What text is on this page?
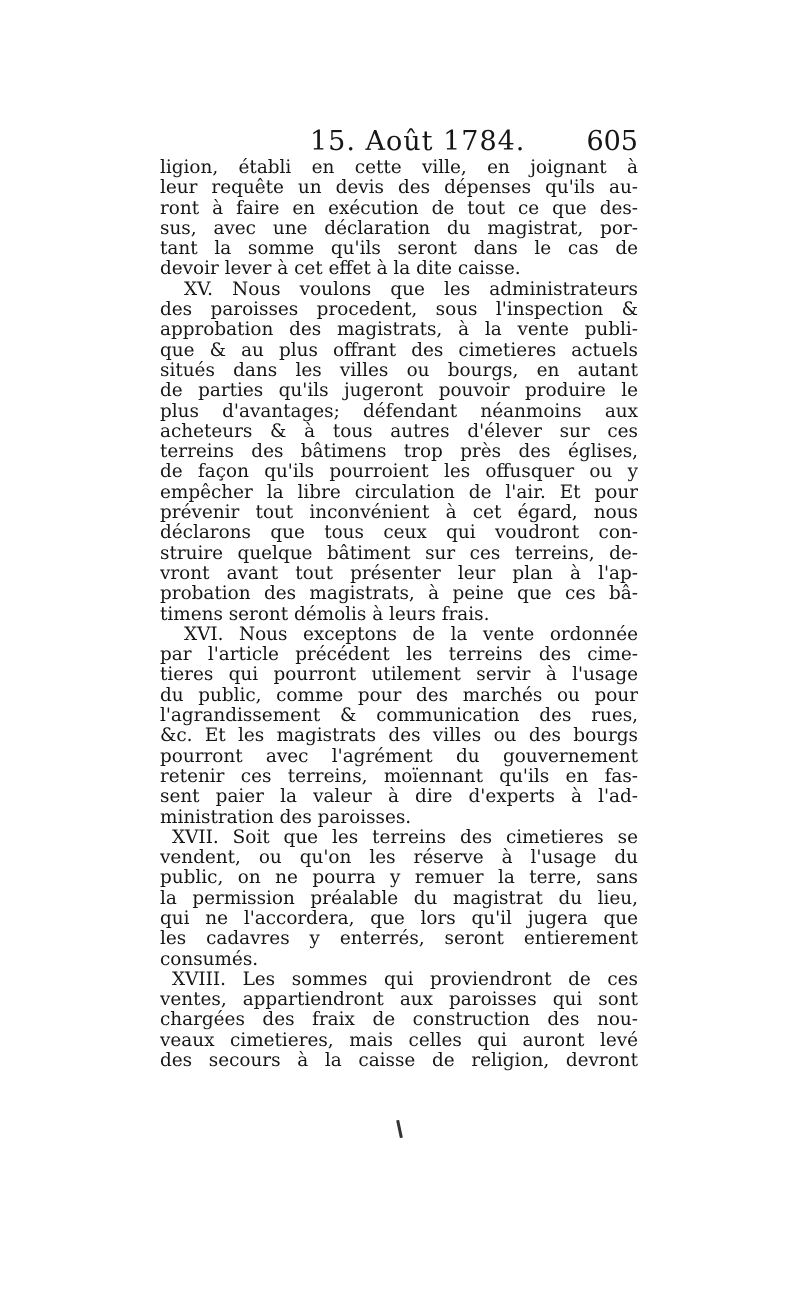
15. Août 1784. 605
ligion, établi en cette ville, en joignant à
leur requête un devis des dépenses qu'ils au-
ront à faire en exécution de tout ce que des-
sus, avec une déclaration du magistrat, por-
tant la somme qu'ils seront dans le cas de
devoir lever à cet effet à la dite caisse.
XV. Nous voulons que les administrateurs
des paroisses procedent, sous l'inspection &
approbation des magistrats, à la vente publi-
que & au plus offrant des cimetieres actuels
situés dans les villes ou bourgs, en autant
de parties qu'ils jugeront pouvoir produire le
plus d'avantages; défendant néanmoins aux
acheteurs & à tous autres d'élever sur ces
terreins des bâtimens trop près des églises,
de façon qu'ils pourroient les offusquer ou y
empêcher la libre circulation de l'air. Et pour
prévenir tout inconvénient à cet égard, nous
déclarons que tous ceux qui voudront con-
struire quelque bâtiment sur ces terreins, de-
vront avant tout présenter leur plan à l'ap-
probation des magistrats, à peine que ces bâ-
timens seront démolis à leurs frais.
XVI. Nous exceptons de la vente ordonnée
par l'article précédent les terreins des cime-
tieres qui pourront utilement servir à l'usage
du public, comme pour des marchés ou pour
l'agrandissement & communication des rues,
&c. Et les magistrats des villes ou des bourgs
pourront avec l'agrément du gouvernement
retenir ces terreins, moïennant qu'ils en fas-
sent paier la valeur à dire d'experts à l'ad-
ministration des paroisses.
XVII. Soit que les terreins des cimetieres se
vendent, ou qu'on les réserve à l'usage du
public, on ne pourra y remuer la terre, sans
la permission préalable du magistrat du lieu,
qui ne l'accordera, que lors qu'il jugera que
les cadavres y enterrés, seront entierement
consumés.
XVIII. Les sommes qui proviendront de ces
ventes, appartiendront aux paroisses qui sont
chargées des fraix de construction des nou-
veaux cimetieres, mais celles qui auront levé
des secours à la caisse de religion, devront
